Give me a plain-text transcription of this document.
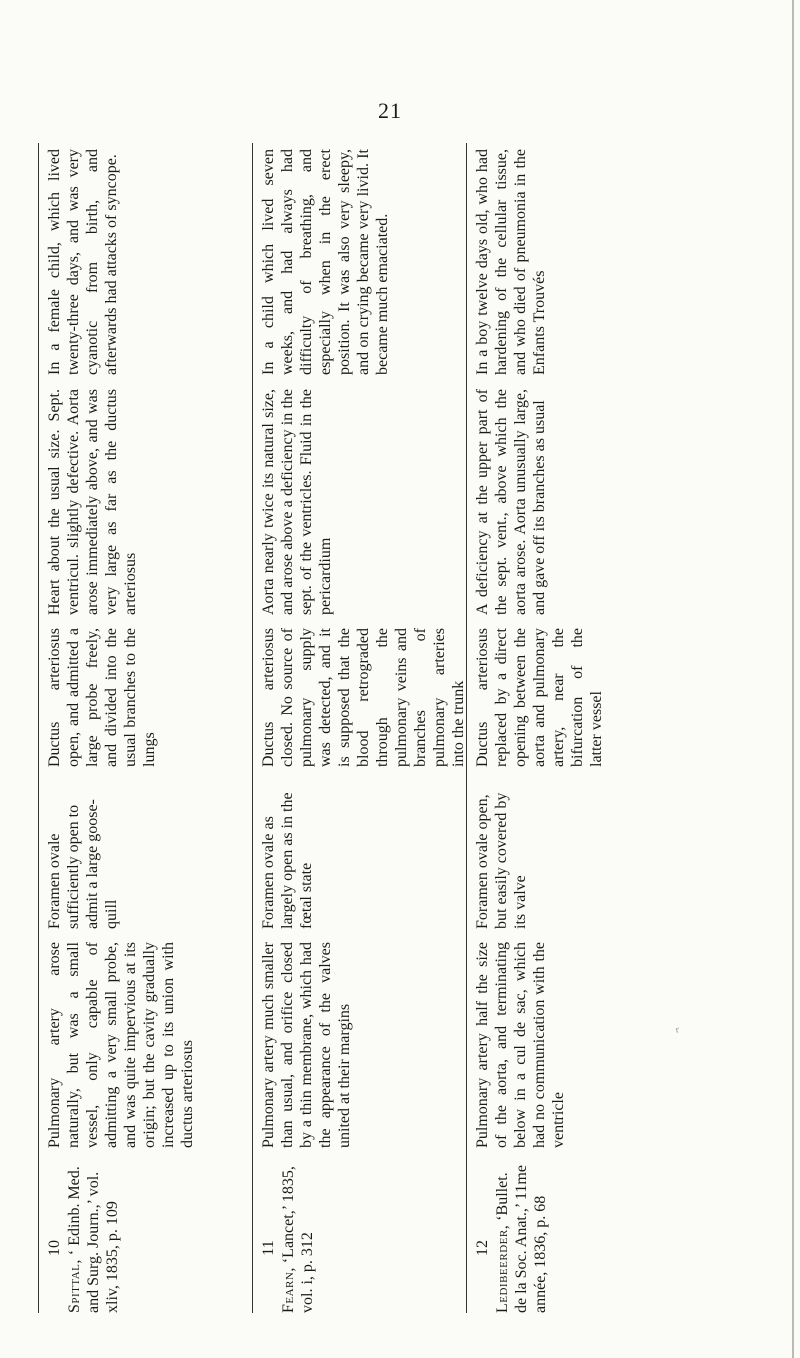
21
10
Spittal, ‘ Edinb. Med. and Surg. Journ.,’ vol. xliv, 1835, p. 109
Pulmonary artery arose naturally, but was a small vessel, only capable of admitting a very small probe, and was quite impervious at its origin; but the cavity gradually increased up to its union with ductus arteriosus
Foramen ovale sufficiently open to admit a large goose-quill
Ductus arteriosus open, and admitted a large probe freely, and divided into the usual branches to the lungs
Heart about the usual size. Sept. ventricul. slightly defective. Aorta arose immediately above, and was very large as far as the ductus arteriosus
In a female child, which lived twenty-three days, and was very cyanotic from birth, and afterwards had attacks of syncope.
11
Fearn, ‘Lancet,’ 1835, vol. i, p. 312
Pulmonary artery much smaller than usual, and orifice closed by a thin membrane, which had the appearance of the valves united at their margins
Foramen ovale as largely open as in the fœtal state
Ductus arteriosus closed. No source of pulmonary supply was detected, and it is supposed that the blood retrograded through the pulmonary veins and branches of pulmonary arteries into the trunk
Aorta nearly twice its natural size, and arose above a deficiency in the sept. of the ventricles. Fluid in the pericardium
In a child which lived seven weeks, and had always had difficulty of breathing, and especially when in the erect position. It was also very sleepy, and on crying became very livid. It became much emaciated.
12 Ledibeerder, ‘Bullet. de la Soc. Anat.,’ 11me année, 1836, p. 68
Pulmonary artery half the size of the aorta, and terminating below in a cul de sac, which had no communication with the ventricle
Foramen ovale open, but easily covered by its valve
Ductus arteriosus replaced by a direct opening between the aorta and pulmonary artery, near the bifurcation of the latter vessel
A deficiency at the upper part of the sept. vent., above which the aorta arose. Aorta unusually large, and gave off its branches as usual
In a boy twelve days old, who had hardening of the cellular tissue, and who died of pneumonia in the Enfants Trouvés
ʳ
